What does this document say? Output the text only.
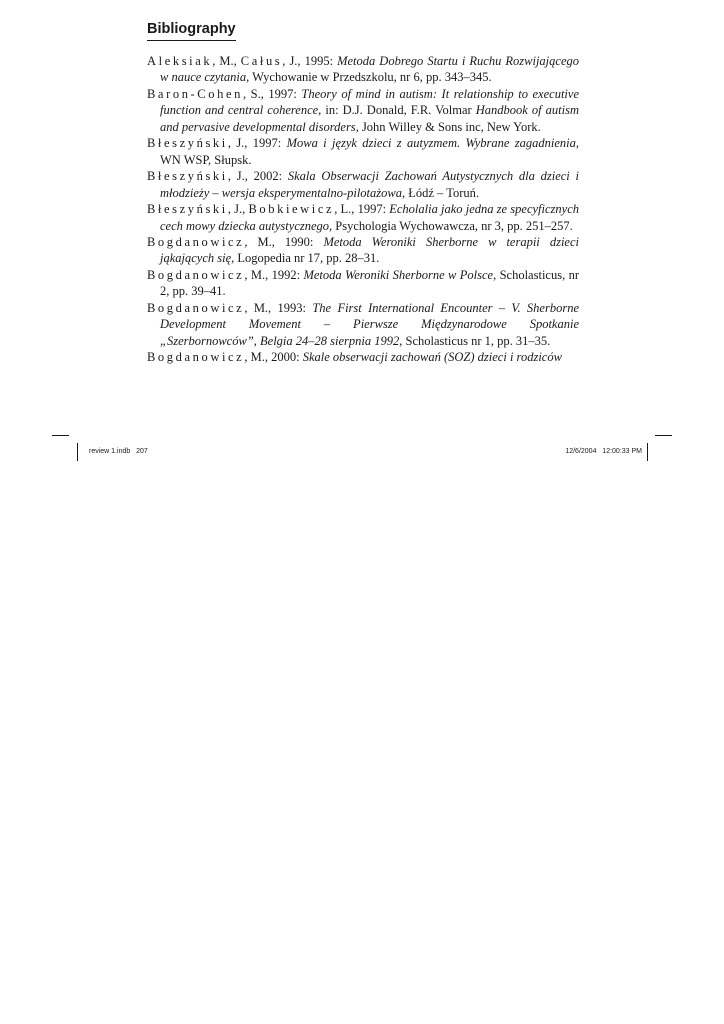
Bibliography

Aleksiak, M., Całus, J., 1995: Metoda Dobrego Startu i Ruchu Rozwijającego w nauce czytania, Wychowanie w Przedszkolu, nr 6, pp. 343–345.

Baron-Cohen, S., 1997: Theory of mind in autism: It relationship to executive function and central coherence, in: D.J. Donald, F.R. Volmar Handbook of autism and pervasive developmental disorders, John Willey & Sons inc, New York.

Błeszyński, J., 1997: Mowa i język dzieci z autyzmem. Wybrane zagadnienia, WN WSP, Słupsk.

Błeszyński, J., 2002: Skala Obserwacji Zachowań Autystycznych dla dzieci i młodzieży – wersja eksperymentalno-pilotażowa, Łódź – Toruń.

Błeszyński, J., Bobkiewicz, L., 1997: Echolalia jako jedna ze specyficznych cech mowy dziecka autystycznego, Psychologia Wychowawcza, nr 3, pp. 251–257.

Bogdanowicz, M., 1990: Metoda Weroniki Sherborne w terapii dzieci jąkających się, Logopedia nr 17, pp. 28–31.

Bogdanowicz, M., 1992: Metoda Weroniki Sherborne w Polsce, Scholasticus, nr 2, pp. 39–41.

Bogdanowicz, M., 1993: The First International Encounter – V. Sherborne Development Movement – Pierwsze Międzynarodowe Spotkanie „Szerbornowców”, Belgia 24–28 sierpnia 1992, Scholasticus nr 1, pp. 31–35.

Bogdanowicz, M., 2000: Skale obserwacji zachowań (SOZ) dzieci i rodziców

review 1.indb   207	12/6/2004   12:00:33 PM
